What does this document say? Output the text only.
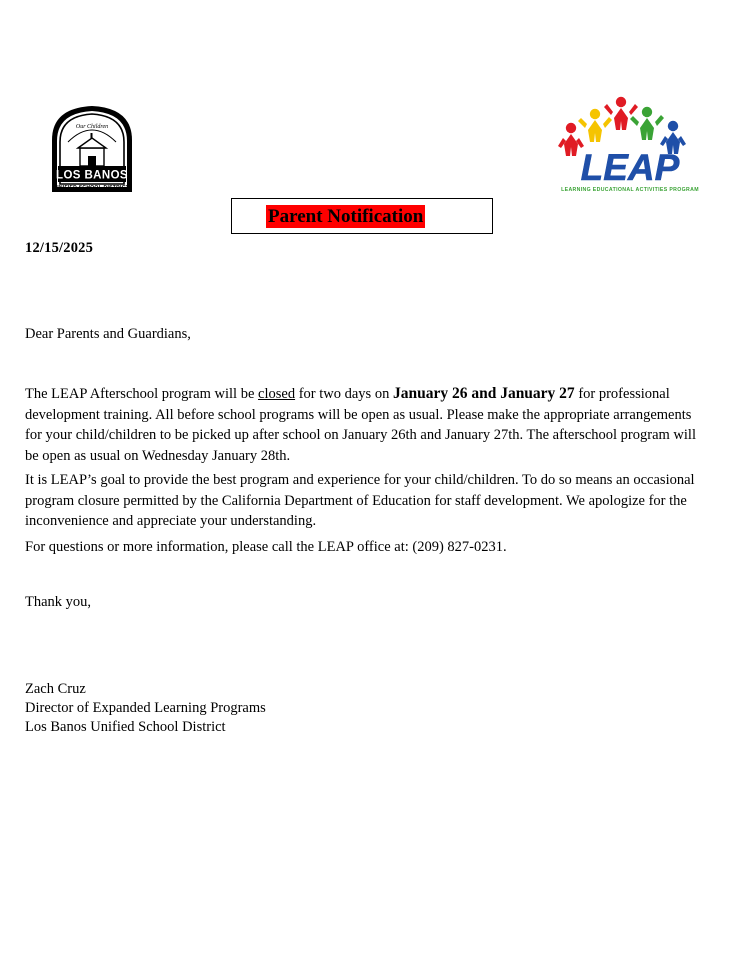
Our Children
LOS BANOS
UNIFIED SCHOOL DISTRICT	LEAP
LEARNING EDUCATIONAL ACTIVITIES PROGRAM
Parent Notification
12/15/2025
Dear Parents and Guardians,
The LEAP Afterschool program will be closed for two days on January 26 and January 27 for professional development training. All before school programs will be open as usual. Please make the appropriate arrangements for your child/children to be picked up after school on January 26th and January 27th. The afterschool program will be open as usual on Wednesday January 28th.
It is LEAP’s goal to provide the best program and experience for your child/children. To do so means an occasional program closure permitted by the California Department of Education for staff development. We apologize for the inconvenience and appreciate your understanding.
For questions or more information, please call the LEAP office at: (209) 827-0231.
Thank you,
Zach Cruz
Director of Expanded Learning Programs
Los Banos Unified School District
